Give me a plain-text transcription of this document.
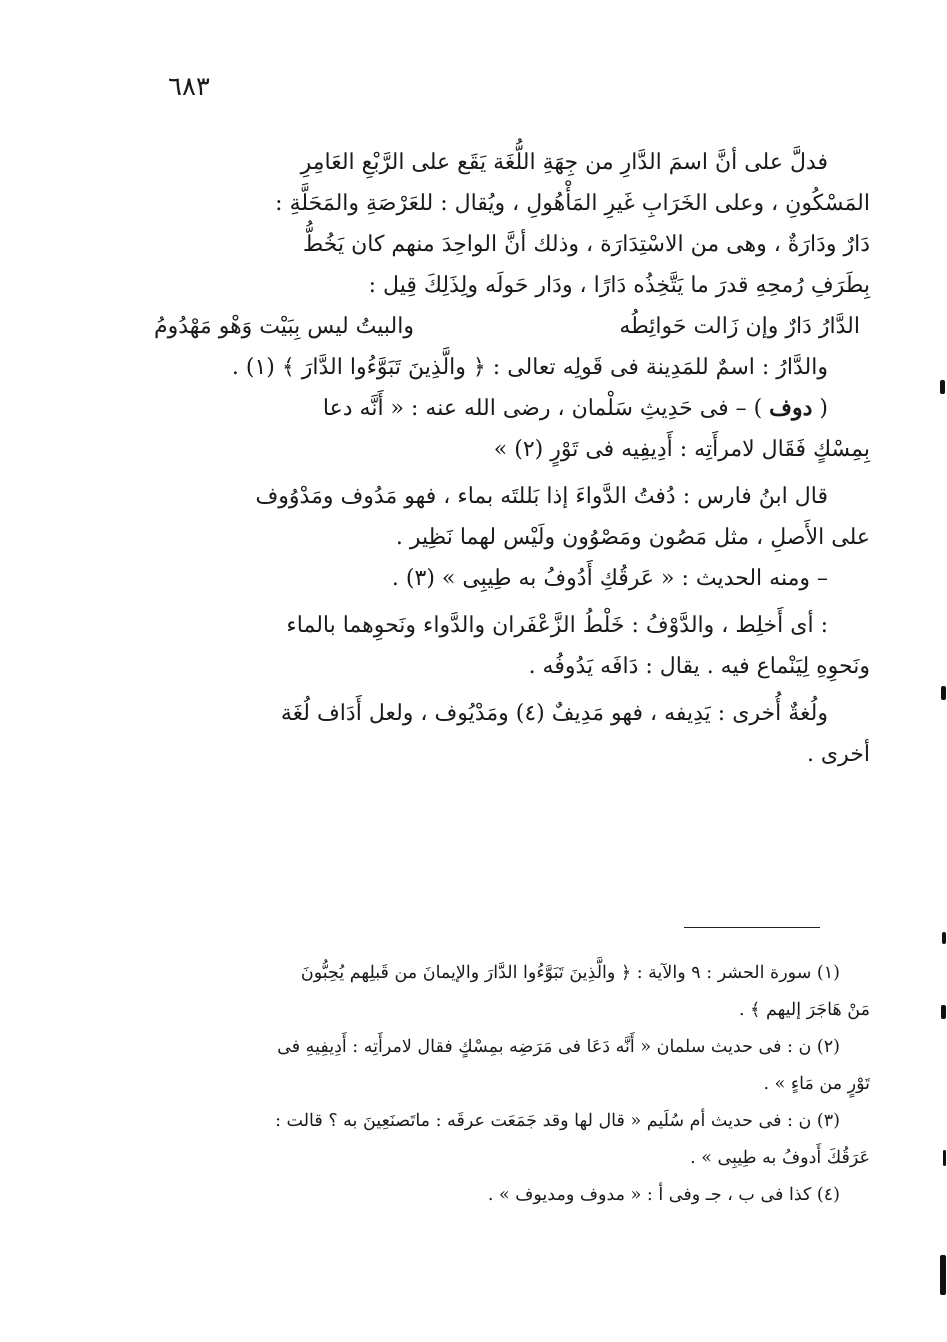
٦٨٣

فدلَّ على أنَّ اسمَ الدَّارِ من جِهَةِ اللُّغَة يَقَع على الرَّبْعِ العَامِرِ

المَسْكُونِ ، وعلى الخَرَابِ غَيرِ المَأْهُولِ ، ويُقال : للعَرْصَةِ والمَحَلَّةِ :

دَارٌ ودَارَةٌ ، وهى من الاسْتِدَارَة ، وذلك أنَّ الواحِدَ منهم كان يَخُطُّ

بِطَرَفِ رُمحِهِ قدرَ ما يَتَّخِذُه دَارًا ، ودَار حَولَه ولِذَلِكَ قِيل :

الدَّارُ دَارٌ وإن زَالت حَوائِطُه
والبيتُ ليس بِبَيْت وَهْو مَهْدُومُ

والدَّارُ : اسمٌ للمَدِينة فى قَولِه تعالى : ﴿ والَّذِينَ تَبَوَّءُوا الدَّارَ ﴾ (١) .

( دوف ) – فى حَدِيثِ سَلْمان ، رضى الله عنه : « أَنَّه دعا

بِمِسْكٍ فَقَال لامرأَتِه : أَدِيفِيه فى تَوْرٍ (٢) »

قال ابنُ فارس : دُفتُ الدَّواءَ إذا بَللتَه بماء ، فهو مَدُوف ومَدْوُوف

على الأَصلِ ، مثل مَصُون ومَصْوُون ولَيْس لهما نَظِير .

– ومنه الحديث : « عَرقُكِ أَدُوفُ به طِيبِى » (٣) .

: أى أَخلِط ، والدَّوْفُ : خَلْطُ الزَّعْفَران والدَّواء ونَحوِهما بالماء

ونَحوِهِ لِيَنْماع فيه . يقال : دَافَه يَدُوفُه .

ولُغةٌ أُخرى : يَدِيفه ، فهو مَدِيفٌ (٤) ومَدْيُوف ، ولعل أَدَاف لُغَة

أخرى .

(١) سورة الحشر : ٩ والآية : ﴿ والَّذِينَ تَبَوَّءُوا الدَّارَ والإيمانَ من قَبلِهم يُحِبُّونَ

مَنْ هَاجَرَ إليهم ﴾ .

(٢) ن : فى حديث سلمان « أَنَّه دَعَا فى مَرَضِه بمِسْكٍ فقال لامرأَتِه : أَدِيفِيهِ فى

تَوْرٍ من مَاءٍ » .

(٣) ن : فى حديث أم سُلَيم « قال لها وقد جَمَعَت عرقَه : ماتَصنَعِينَ به ؟ قالت :

عَرَقُكَ أَدوفُ به طِيبِى » .

(٤) كذا فى ب ، جـ وفى أ : « مدوف ومديوف » .
